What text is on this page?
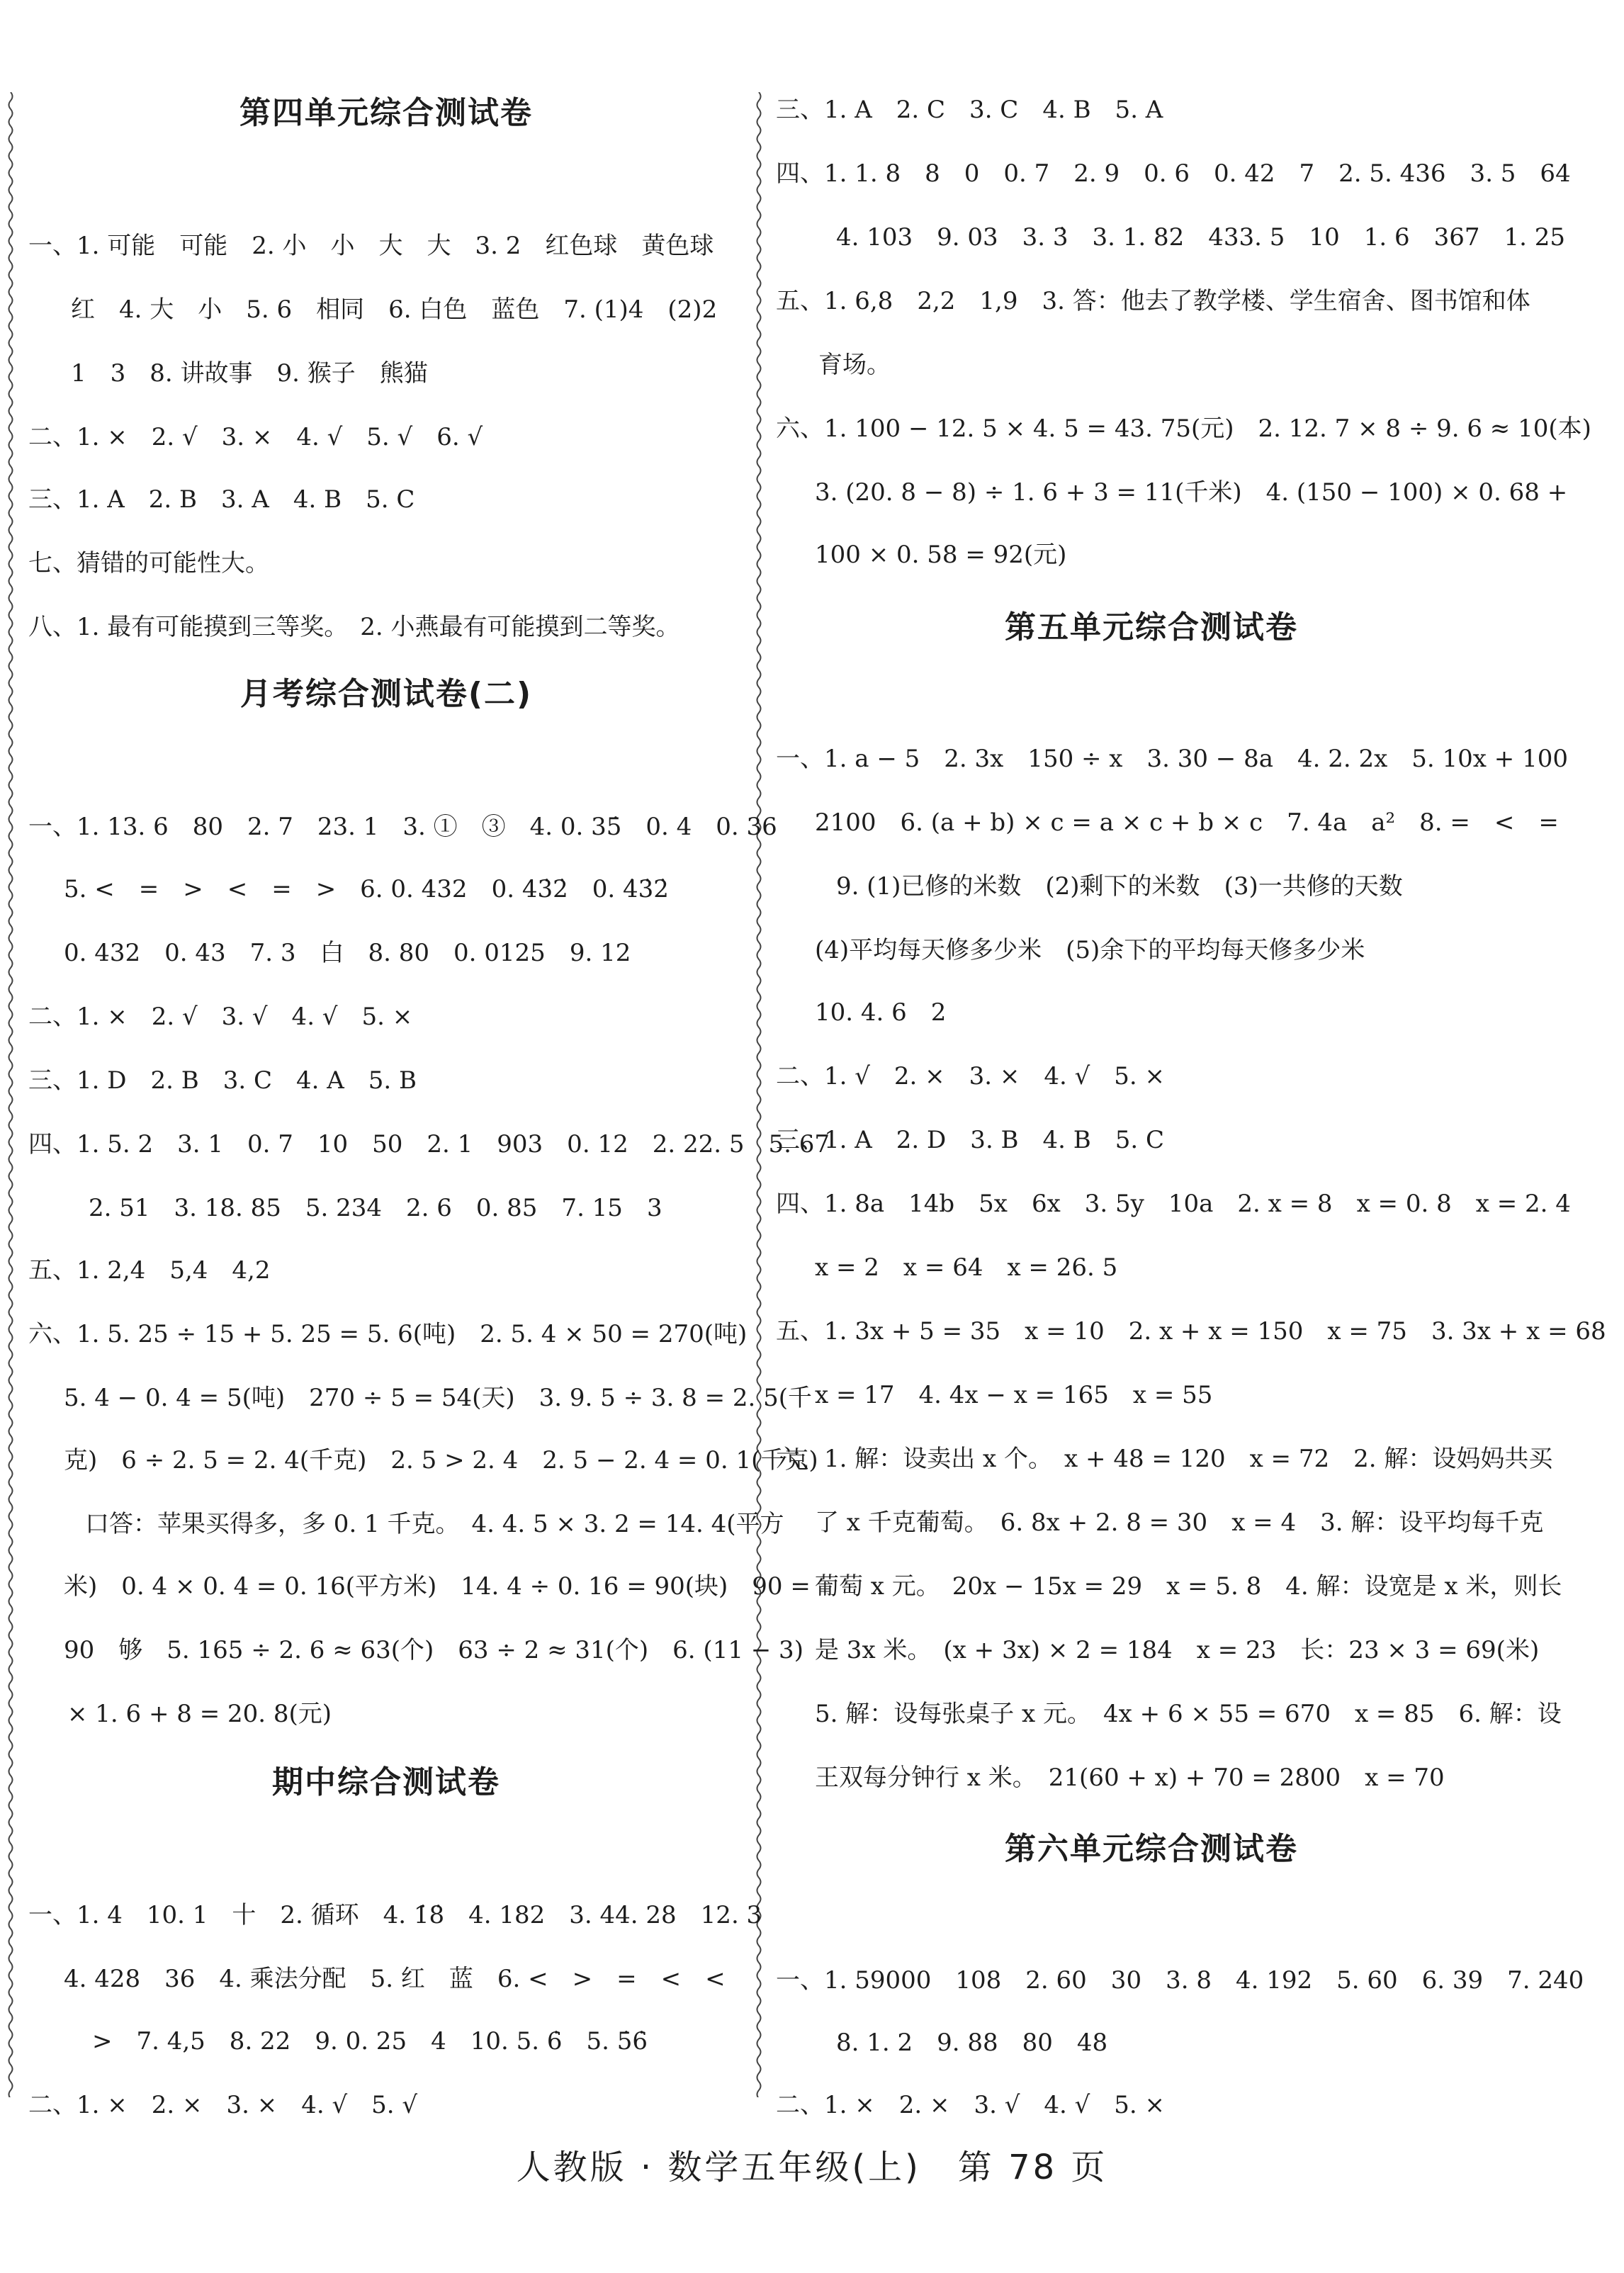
第四单元综合测试卷
一、1. 可能　可能　2. 小　小　大　大　3. 2　红色球　黄色球
红　4. 大　小　5. 6　相同　6. 白色　蓝色　7. (1)4　(2)2
1　3　8. 讲故事　9. 猴子　熊猫
二、1. ×　2. √　3. ×　4. √　5. √　6. √
三、1. A　2. B　3. A　4. B　5. C
七、猜错的可能性大。
八、1. 最有可能摸到三等奖。　2. 小燕最有可能摸到二等奖。
月考综合测试卷(二)
一、1. 13. 6　80　2. 7　23. 1　3. ①　③　4. 0. 35̇　0. 4　0. 36
5. <　=　>　<　=　>　6. 0. 432　0. 43̇2̇　0. 4̇3̇2̇
0. 432　0. 43　7. 3　白　8. 80　0. 0125　9. 12
二、1. ×　2. √　3. √　4. √　5. ×
三、1. D　2. B　3. C　4. A　5. B
四、1. 5. 2　3. 1　0. 7　10　50　2. 1　903　0. 12　2. 22. 5　5. 67
2. 51　3. 18. 85　5. 234　2. 6　0. 85　7. 15　3
五、1. 2,4　5,4　4,2
六、1. 5. 25 ÷ 15 + 5. 25 = 5. 6(吨)　2. 5. 4 × 50 = 270(吨)
5. 4 − 0. 4 = 5(吨)　270 ÷ 5 = 54(天)　3. 9. 5 ÷ 3. 8 = 2. 5(千
克)　6 ÷ 2. 5 = 2. 4(千克)　2. 5 > 2. 4　2. 5 − 2. 4 = 0. 1(千克)
口答：苹果买得多，多 0. 1 千克。　4. 4. 5 × 3. 2 = 14. 4(平方
米)　0. 4 × 0. 4 = 0. 16(平方米)　14. 4 ÷ 0. 16 = 90(块)　90 =
90　够　5. 165 ÷ 2. 6 ≈ 63(个)　63 ÷ 2 ≈ 31(个)　6. (11 − 3)
× 1. 6 + 8 = 20. 8(元)
期中综合测试卷
一、1. 4　10. 1　十　2. 循环　4. 1̇8̇　4. 182　3. 44. 28　12. 3
4. 428　36　4. 乘法分配　5. 红　蓝　6. <　>　=　<　<
>　7. 4,5　8. 22　9. 0. 25　4　10. 5. 6̇　5. 5̇6̇
二、1. ×　2. ×　3. ×　4. √　5. √
三、1. A　2. C　3. C　4. B　5. A
四、1. 1. 8　8　0　0. 7　2. 9　0. 6　0. 42　7　2. 5. 436　3. 5　64
4. 103　9. 03　3. 3̇　3. 1. 82　433. 5　10　1. 6　367　1. 25
五、1. 6,8　2,2　1,9　3. 答：他去了教学楼、学生宿舍、图书馆和体
育场。
六、1. 100 − 12. 5 × 4. 5 = 43. 75(元)　2. 12. 7 × 8 ÷ 9. 6 ≈ 10(本)
3. (20. 8 − 8) ÷ 1. 6 + 3 = 11(千米)　4. (150 − 100) × 0. 68 +
100 × 0. 58 = 92(元)
第五单元综合测试卷
一、1. a − 5　2. 3x　150 ÷ x　3. 30 − 8a　4. 2. 2x　5. 10x + 100
2100　6. (a + b) × c = a × c + b × c　7. 4a　a²　8. =　<　=
9. (1)已修的米数　(2)剩下的米数　(3)一共修的天数
(4)平均每天修多少米　(5)余下的平均每天修多少米
10. 4. 6　2
二、1. √　2. ×　3. ×　4. √　5. ×
三、1. A　2. D　3. B　4. B　5. C
四、1. 8a　14b　5x　6x　3. 5y　10a　2. x = 8　x = 0. 8　x = 2. 4
x = 2　x = 64　x = 26. 5
五、1. 3x + 5 = 35　x = 10　2. x + x = 150　x = 75　3. 3x + x = 68
x = 17　4. 4x − x = 165　x = 55
六、1. 解：设卖出 x 个。　x + 48 = 120　x = 72　2. 解：设妈妈共买
了 x 千克葡萄。　6. 8x + 2. 8 = 30　x = 4　3. 解：设平均每千克
葡萄 x 元。　20x − 15x = 29　x = 5. 8　4. 解：设宽是 x 米，则长
是 3x 米。　(x + 3x) × 2 = 184　x = 23　长：23 × 3 = 69(米)
5. 解：设每张桌子 x 元。　4x + 6 × 55 = 670　x = 85　6. 解：设
王双每分钟行 x 米。　21(60 + x) + 70 = 2800　x = 70
第六单元综合测试卷
一、1. 59000　108　2. 60　30　3. 8　4. 192　5. 60　6. 39　7. 240
8. 1. 2　9. 88　80　48
二、1. ×　2. ×　3. √　4. √　5. ×
人教版 · 数学五年级(上)　第 78 页
